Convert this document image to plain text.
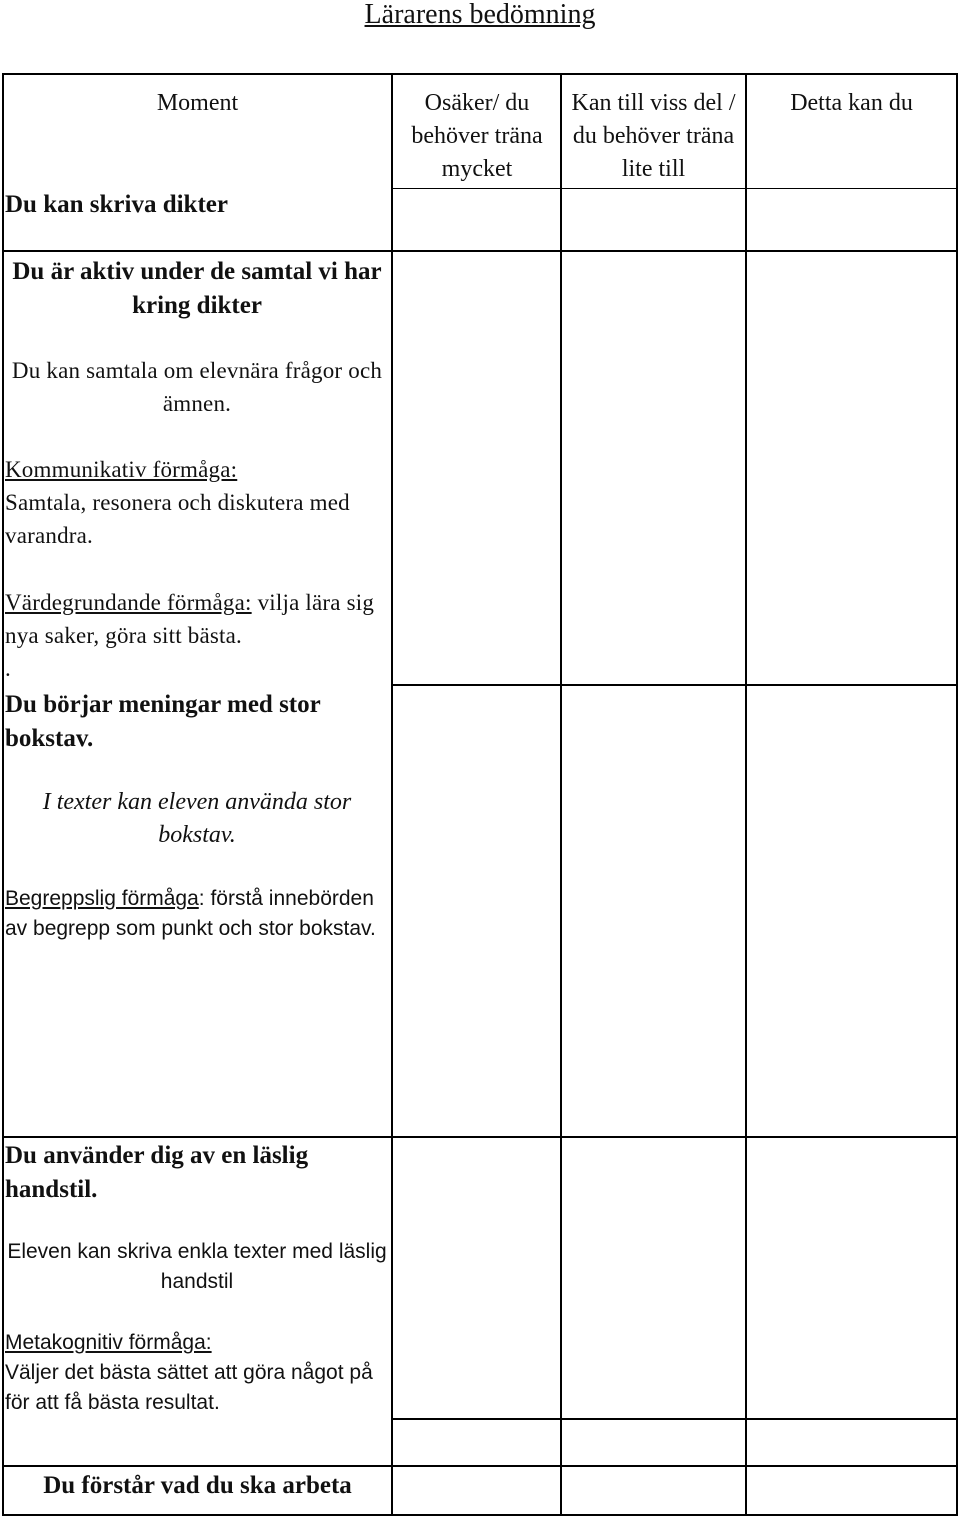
Lärarens bedömning
Moment	Osäker/ du behöver träna mycket
Kan till viss del / du behöver träna lite till
Detta kan du
Du kan skriva dikter
Du är aktiv under de samtal vi har kring dikter
Du kan samtala om elevnära frågor och ämnen.
Kommunikativ förmåga:
Samtala, resonera och diskutera med varandra.
Värdegrundande förmåga: vilja lära sig nya saker, göra sitt bästa.
.
Du börjar meningar med stor bokstav.
I texter kan eleven använda stor bokstav.
Begreppslig förmåga: förstå innebörden av begrepp som punkt och stor bokstav.
Du använder dig av en läslig handstil.
Eleven kan skriva enkla texter med läslig handstil
Metakognitiv förmåga:
Väljer det bästa sättet att göra något på för att få bästa resultat.
Du förstår vad du ska arbeta
